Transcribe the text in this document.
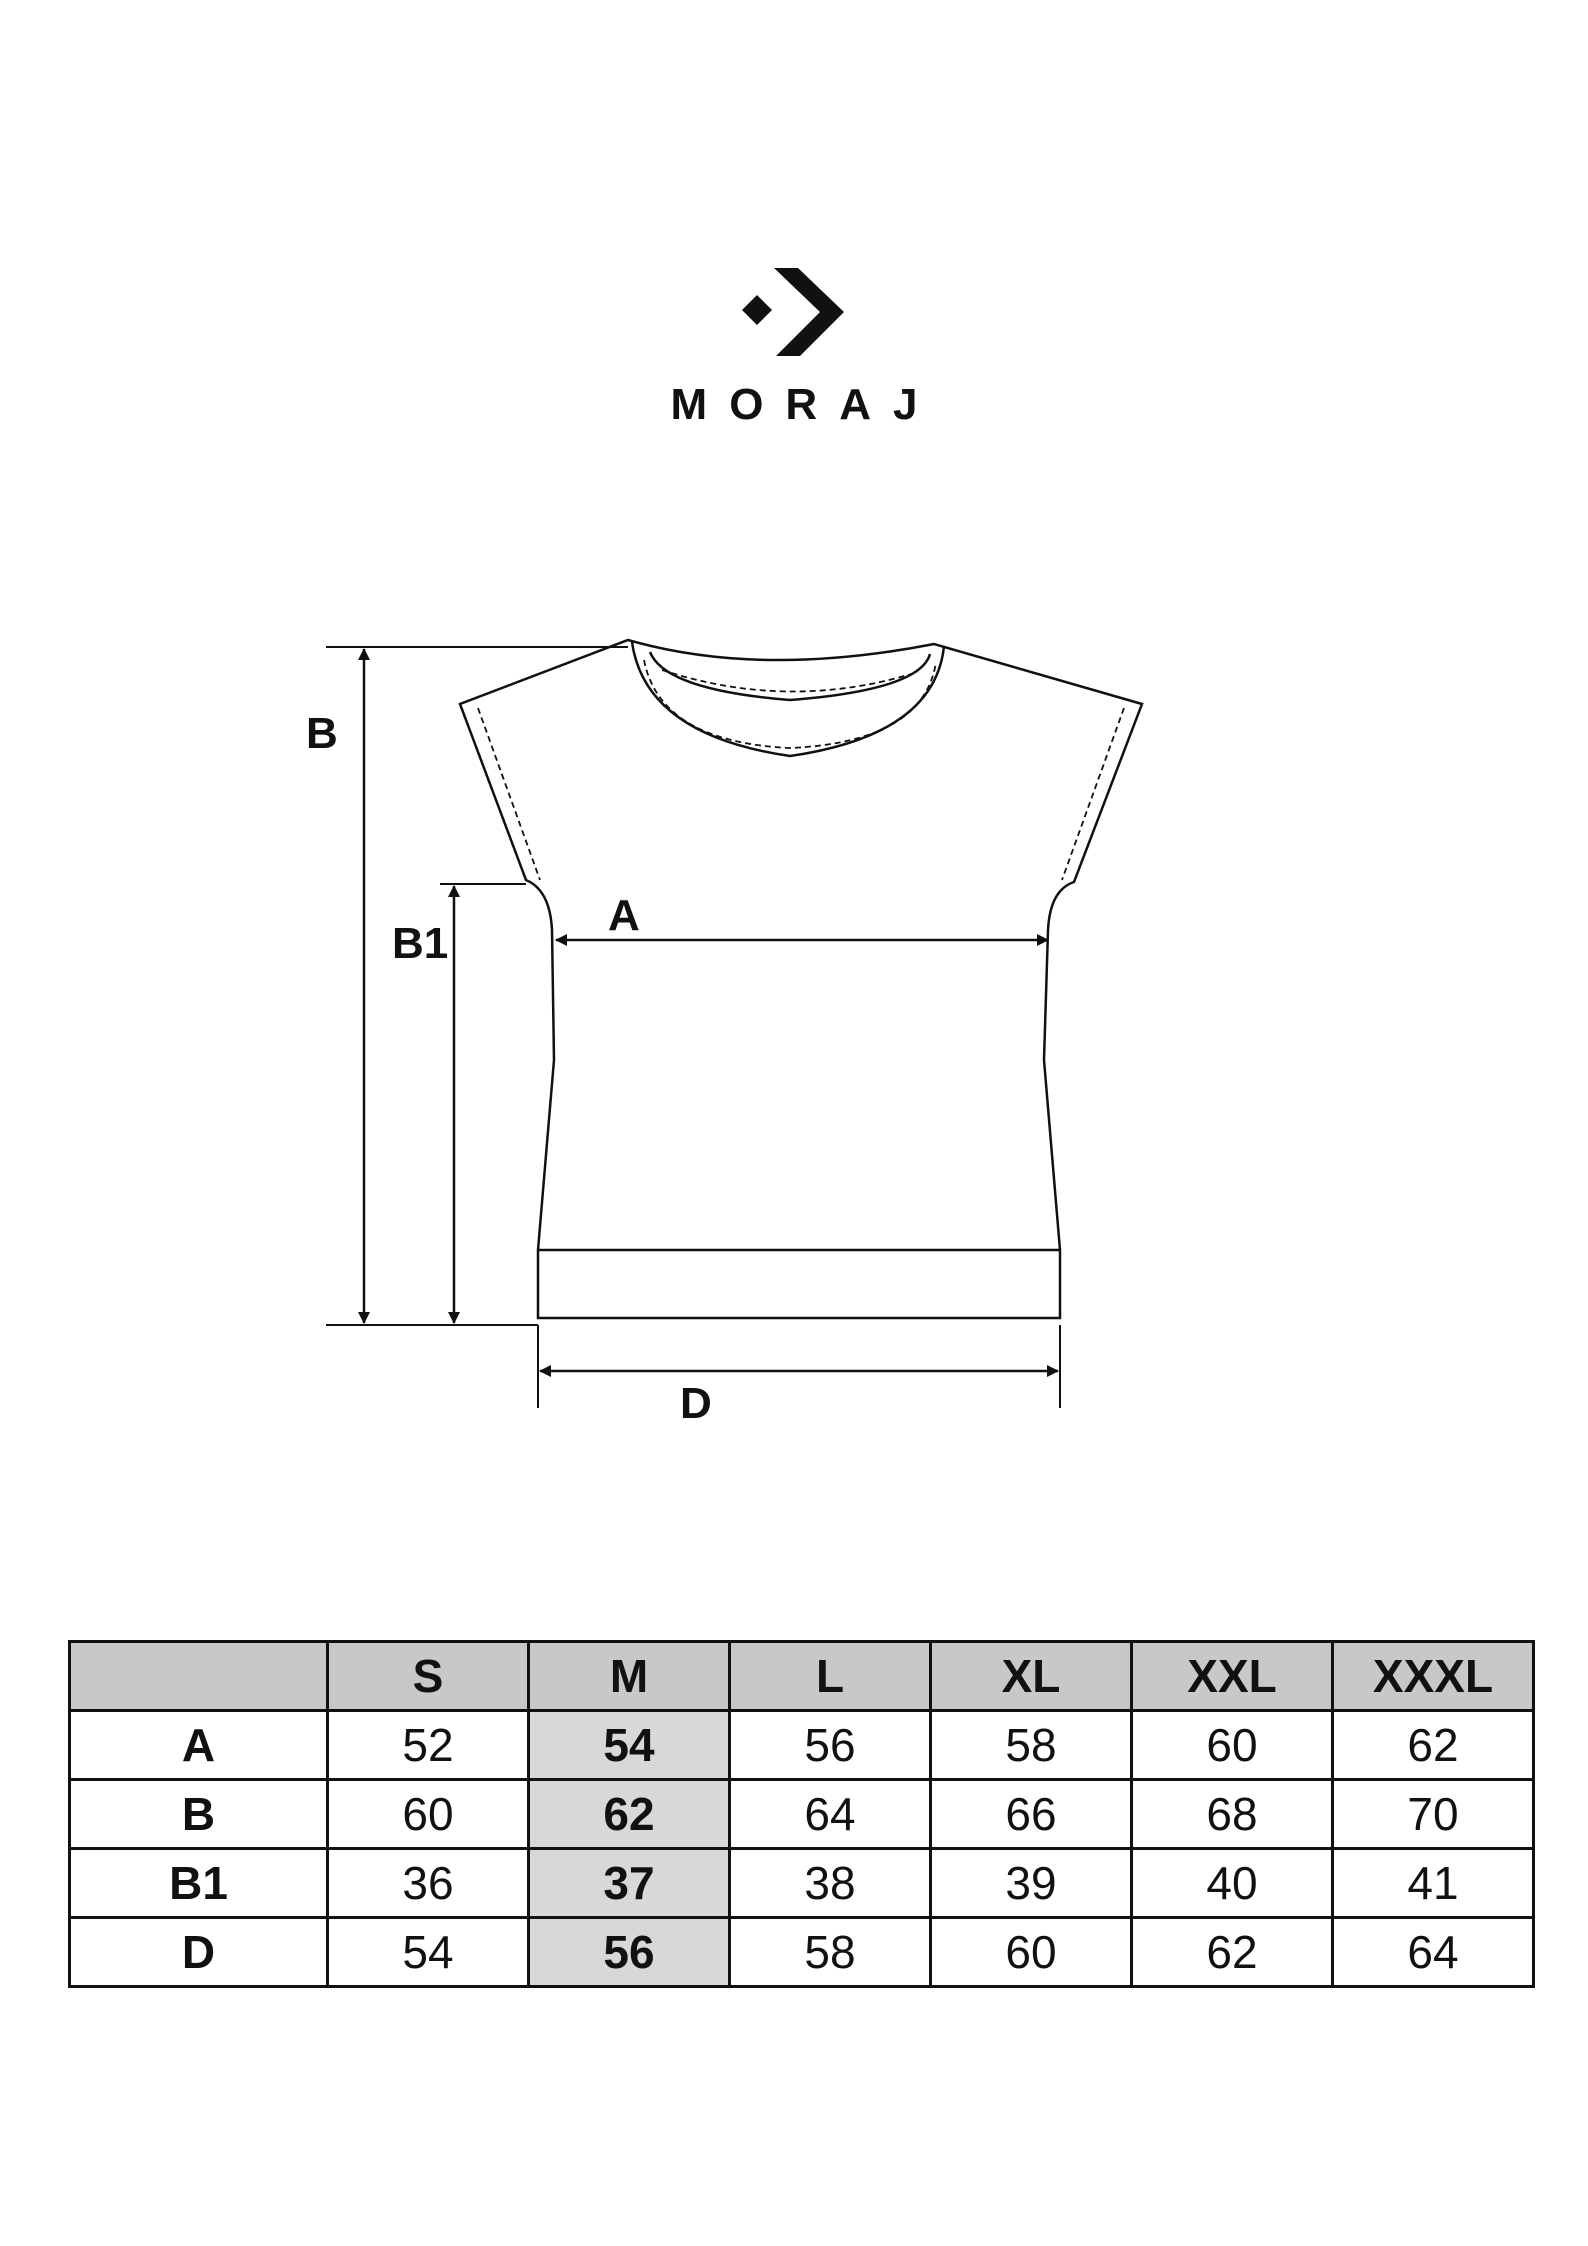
MORAJ
B
B1
A
D
	S	M	L	XL	XXL	XXXL
A	52	54	56	58	60	62
B	60	62	64	66	68	70
B1	36	37	38	39	40	41
D	54	56	58	60	62	64
